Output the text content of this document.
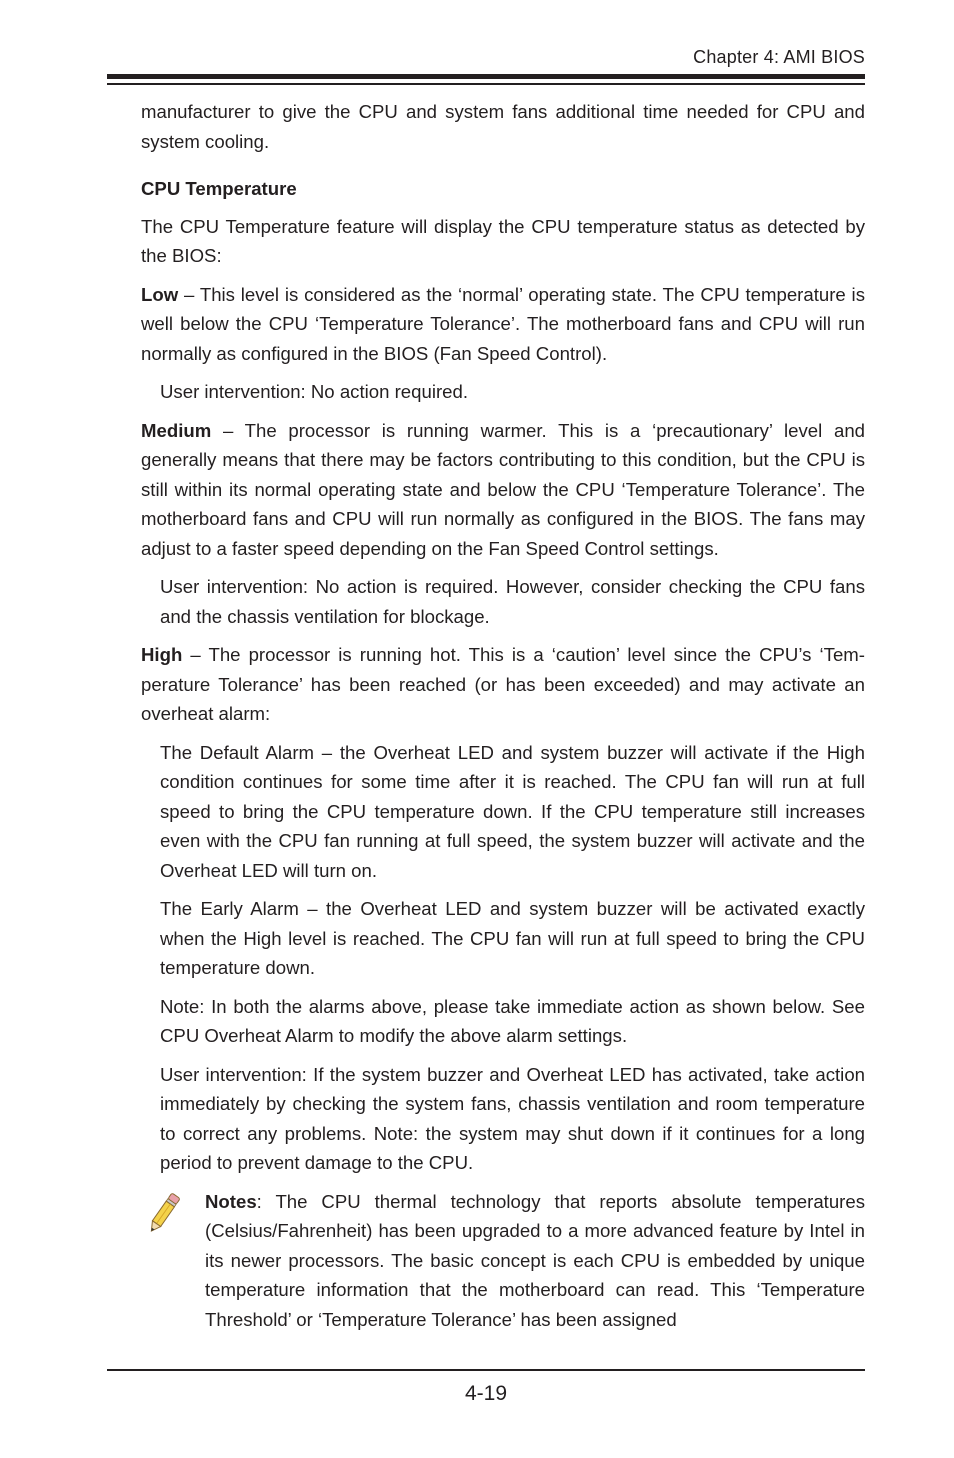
Chapter 4: AMI BIOS

manufacturer to give the CPU and system fans additional time needed for CPU and system cooling.

CPU Temperature

The CPU Temperature feature will display the CPU temperature status as detected by the BIOS:

Low – This level is considered as the ‘normal’ operating state. The CPU temperature is well below the CPU ‘Temperature Tolerance’. The motherboard fans and CPU will run normally as configured in the BIOS (Fan Speed Control).

User intervention: No action required.

Medium – The processor is running warmer. This is a ‘precautionary’ level and generally means that there may be factors contributing to this condition, but the CPU is still within its normal operating state and below the CPU ‘Temperature Tolerance’. The motherboard fans and CPU will run normally as configured in the BIOS. The fans may adjust to a faster speed depending on the Fan Speed Control settings.

User intervention: No action is required. However, consider checking the CPU fans and the chassis ventilation for blockage.

High – The processor is running hot. This is a ‘caution’ level since the CPU’s ‘Temperature Tolerance’ has been reached (or has been exceeded) and may activate an overheat alarm:

The Default Alarm – the Overheat LED and system buzzer will activate if the High condition continues for some time after it is reached. The CPU fan will run at full speed to bring the CPU temperature down. If the CPU temperature still increases even with the CPU fan running at full speed, the system buzzer will activate and the Overheat LED will turn on.

The Early Alarm – the Overheat LED and system buzzer will be activated exactly when the High level is reached. The CPU fan will run at full speed to bring the CPU temperature down.

Note: In both the alarms above, please take immediate action as shown below. See CPU Overheat Alarm to modify the above alarm settings.

User intervention: If the system buzzer and Overheat LED has activated, take action immediately by checking the system fans, chassis ventilation and room temperature to correct any problems. Note: the system may shut down if it continues for a long period to prevent damage to the CPU.

Notes: The CPU thermal technology that reports absolute temperatures (Celsius/Fahrenheit) has been upgraded to a more advanced feature by Intel in its newer processors. The basic concept is each CPU is embedded by unique temperature information that the motherboard can read. This ‘Temperature Threshold’ or ‘Temperature Tolerance’ has been assigned

4-19
